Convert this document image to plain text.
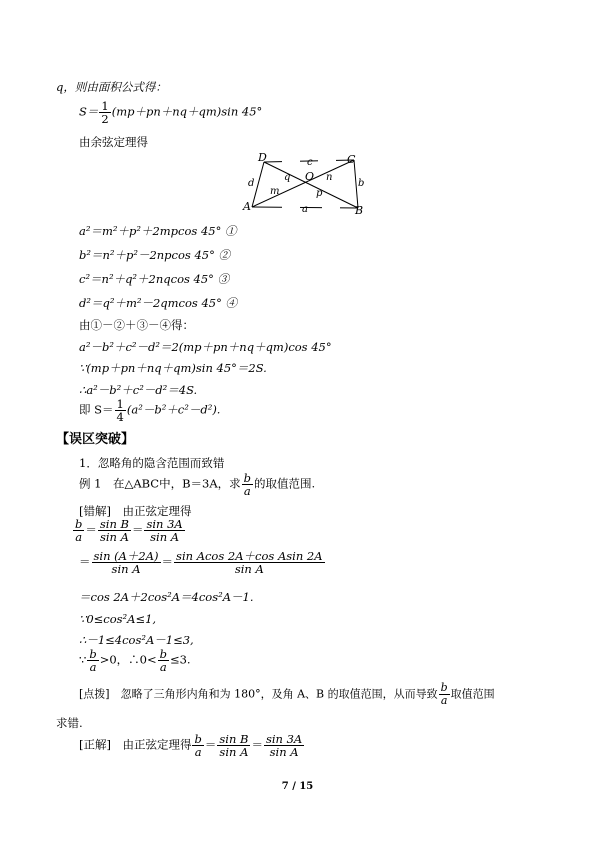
q，则由面积公式得：
$S= \frac{1}{2} (mp+pn+nq+qm)\sin$ 45°
由余弦定理得
D	C
A	B
O
c
b
d
a
q	n
m	p
a²＝m²＋p²＋2mpcos 45° ①
b²＝n²＋p²－2npcos 45° ②
c²＝n²＋q²＋2nqcos 45° ③
d²＝q²＋m²－2qmcos 45° ④
由①－②＋③－④得：
a²－b²＋c²－d²＝2(mp＋pn＋nq＋qm)cos 45°
∵(mp＋pn＋nq＋qm)sin 45°＝2S.
∴a²－b²＋c²－d²＝4S.
即 $S= \frac{1}{4} (a^2-b^2+c^2-d^2)$.
【误区突破】
1．忽略角的隐含范围而致错
例 1　在△ABC中，B＝3A，求 $\frac{b}{a}$ 的取值范围.
[错解]　由正弦定理得
$\frac{b}{a} = \frac{\text{sin B}}{\text{sin A}} = \frac{\sin 3A}{\text{sin A}}$
＝ $\frac{\sin (A+2A)}{\text{sin A}} = \frac{\text{sin Acos 2A＋cos Asin 2A}}{\text{sin A}}$
＝cos 2A＋2cos²A＝4cos²A－1.
∵0≤cos²A≤1,
∴－1≤4cos²A－1≤3,
∵ $\frac{b}{a} >0$，∴0< $\frac{b}{a} \le 3$.
[点拨]　忽略了三角形内角和为 180°，及角 A、B 的取值范围，从而导致 $\frac{b}{a}$ 取值范围
求错.
[正解]　由正弦定理得 $\frac{b}{a} = \frac{\text{sin B}}{\text{sin A}} = \frac{\sin 3A}{\text{sin A}}$
7 / 15
